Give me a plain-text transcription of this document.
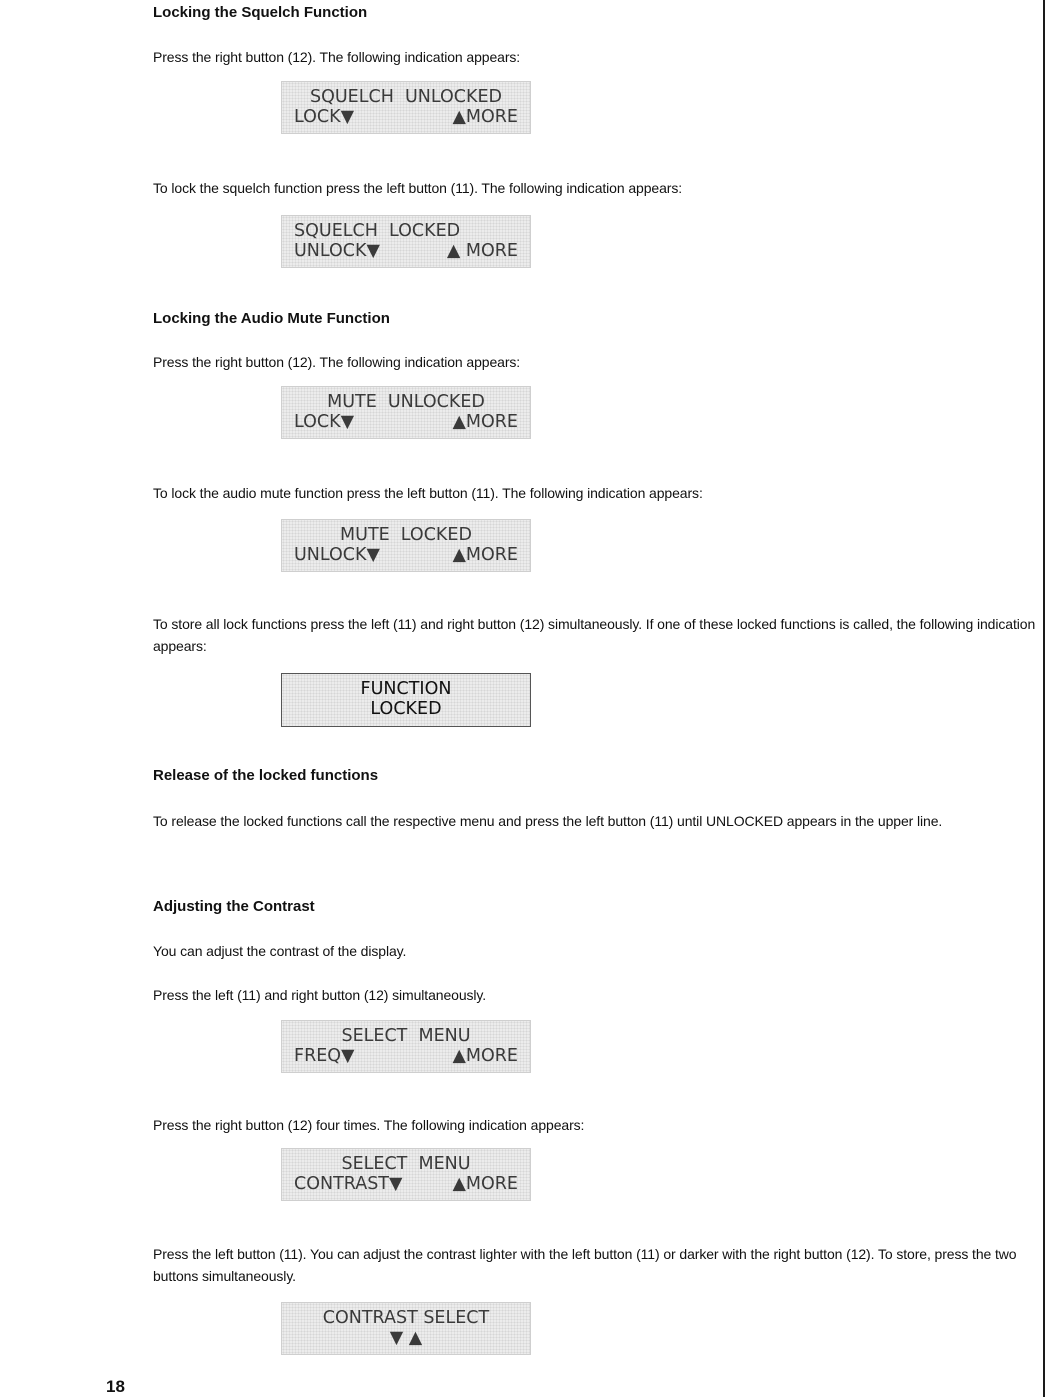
Locking the Squelch Function
Press the right button (12). The following indication appears:
SQUELCH  UNLOCKED
LOCK▼	▲MORE
To lock the squelch function press the left button (11). The following indication appears:
SQUELCH  LOCKED
UNLOCK▼	▲ MORE
Locking the Audio Mute Function
Press the right button (12). The following indication appears:
MUTE  UNLOCKED
LOCK▼	▲MORE
To lock the audio mute function press the left button (11). The following indication appears:
MUTE  LOCKED
UNLOCK▼	▲MORE
To store all lock functions press the left (11) and right button (12) simultaneously. If one of these locked functions is called, the following indication appears:
FUNCTION
LOCKED
Release of the locked functions
To release the locked functions call the respective menu and press the left button (11) until UNLOCKED appears in the upper line.
Adjusting the Contrast
You can adjust the contrast of the display.
Press the left (11) and right button (12) simultaneously.
SELECT  MENU
FREQ▼	▲MORE
Press the right button (12) four times. The following indication appears:
SELECT  MENU
CONTRAST▼	▲MORE
Press the left button (11). You can adjust the contrast lighter with the left button (11) or darker with the right button (12). To store, press the two buttons simultaneously.
CONTRAST SELECT
▼ ▲
18
